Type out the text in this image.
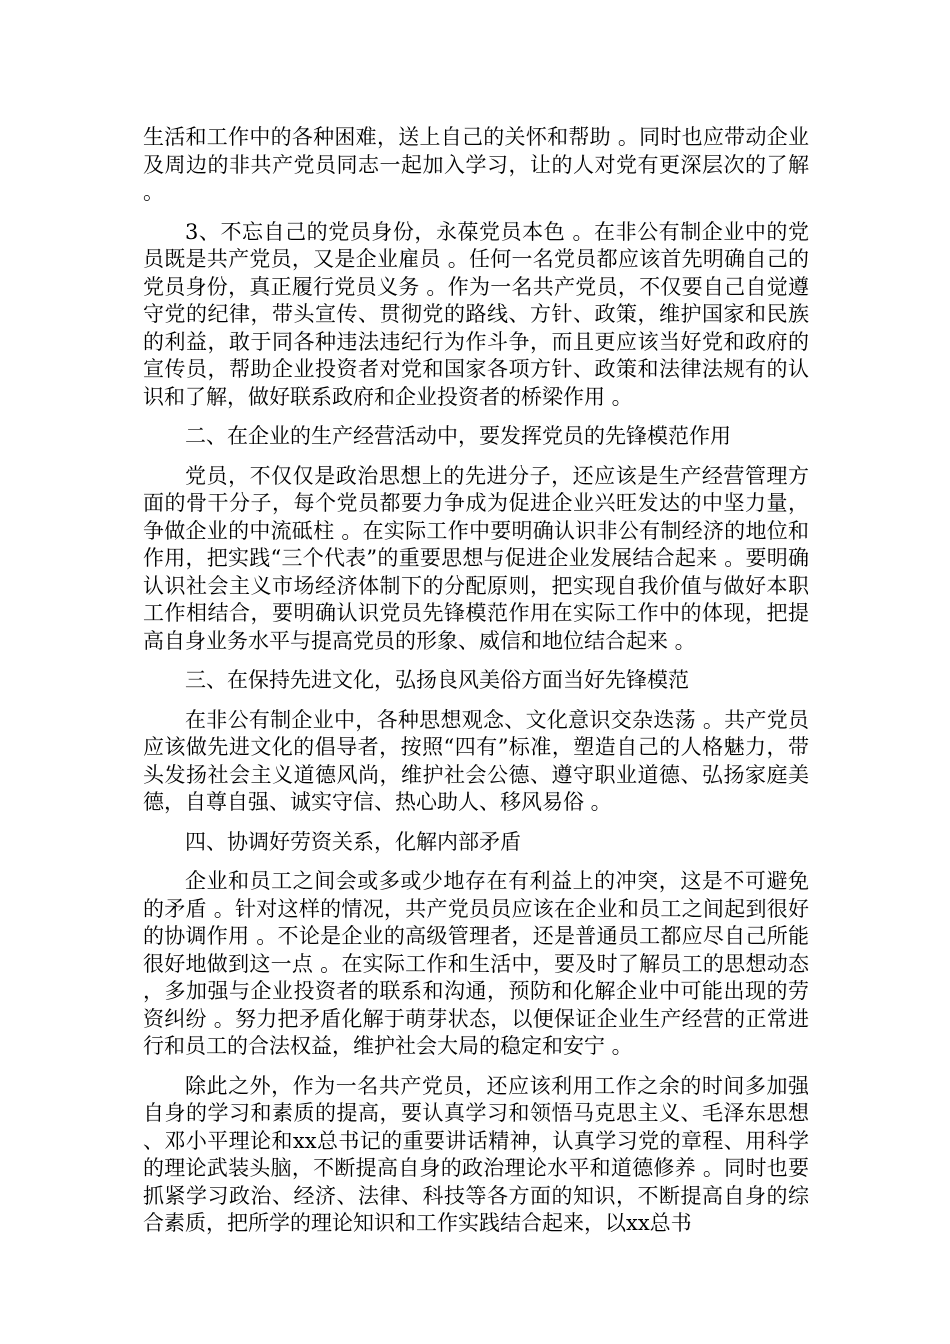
生活和工作中的各种困难，送上自己的关怀和帮助 。同时也应带动企业及周边的非共产党员同志一起加入学习，让的人对党有更深层次的了解 。

3、不忘自己的党员身份，永葆党员本色 。在非公有制企业中的党员既是共产党员，又是企业雇员 。任何一名党员都应该首先明确自己的党员身份，真正履行党员义务 。作为一名共产党员，不仅要自己自觉遵守党的纪律，带头宣传、贯彻党的路线、方针、政策，维护国家和民族的利益，敢于同各种违法违纪行为作斗争，而且更应该当好党和政府的宣传员，帮助企业投资者对党和国家各项方针、政策和法律法规有的认识和了解，做好联系政府和企业投资者的桥梁作用 。

二、在企业的生产经营活动中，要发挥党员的先锋模范作用

党员，不仅仅是政治思想上的先进分子，还应该是生产经营管理方面的骨干分子，每个党员都要力争成为促进企业兴旺发达的中坚力量，争做企业的中流砥柱 。在实际工作中要明确认识非公有制经济的地位和作用，把实践“三个代表”的重要思想与促进企业发展结合起来 。要明确认识社会主义市场经济体制下的分配原则，把实现自我价值与做好本职工作相结合，要明确认识党员先锋模范作用在实际工作中的体现，把提高自身业务水平与提高党员的形象、威信和地位结合起来 。

三、在保持先进文化，弘扬良风美俗方面当好先锋模范

在非公有制企业中，各种思想观念、文化意识交杂迭荡 。共产党员应该做先进文化的倡导者，按照“四有”标准，塑造自己的人格魅力，带头发扬社会主义道德风尚，维护社会公德、遵守职业道德、弘扬家庭美德，自尊自强、诚实守信、热心助人、移风易俗 。

四、协调好劳资关系，化解内部矛盾

企业和员工之间会或多或少地存在有利益上的冲突，这是不可避免的矛盾 。针对这样的情况，共产党员员应该在企业和员工之间起到很好的协调作用 。不论是企业的高级管理者，还是普通员工都应尽自己所能很好地做到这一点 。在实际工作和生活中，要及时了解员工的思想动态，多加强与企业投资者的联系和沟通，预防和化解企业中可能出现的劳资纠纷 。努力把矛盾化解于萌芽状态，以便保证企业生产经营的正常进行和员工的合法权益，维护社会大局的稳定和安宁 。

除此之外，作为一名共产党员，还应该利用工作之余的时间多加强自身的学习和素质的提高，要认真学习和领悟马克思主义、毛泽东思想、邓小平理论和xx总书记的重要讲话精神，认真学习党的章程、用科学的理论武装头脑，不断提高自身的政治理论水平和道德修养 。同时也要抓紧学习政治、经济、法律、科技等各方面的知识，不断提高自身的综合素质，把所学的理论知识和工作实践结合起来，以xx总书
